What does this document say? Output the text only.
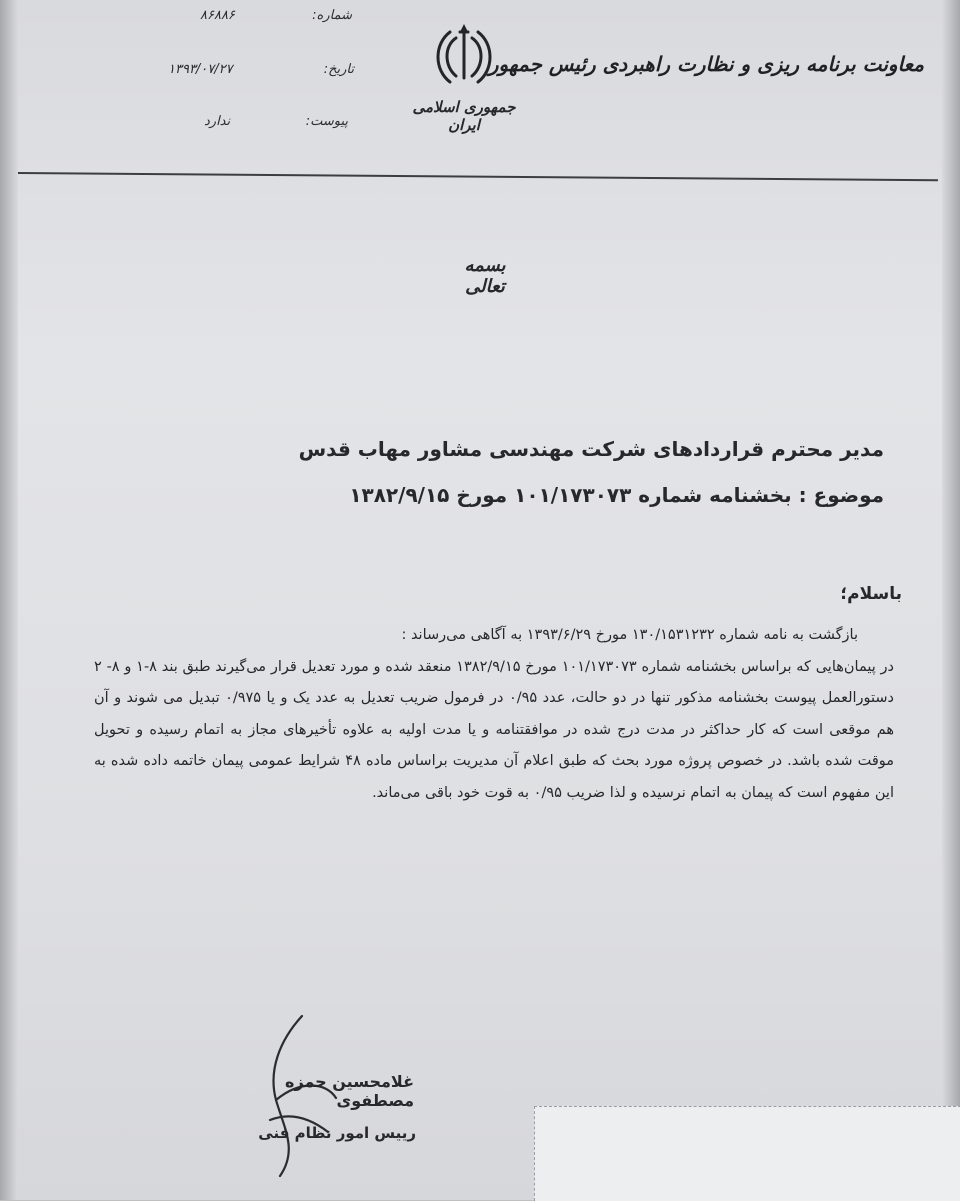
معاونت برنامه ریزی و نظارت راهبردی رئیس جمهور
جمهوری اسلامی ایران
شماره:
۸۶۸۸۶
تاریخ:
۱۳۹۳/۰۷/۲۷
پیوست:
ندارد
بسمه تعالی
مدیر محترم قراردادهای شرکت مهندسی مشاور مهاب قدس
موضوع : بخشنامه شماره ۱۰۱/۱۷۳۰۷۳ مورخ ۱۳۸۲/۹/۱۵
باسلام؛

بازگشت به نامه شماره ۱۳۰/۱۵۳۱۲۳۲ مورخ ۱۳۹۳/۶/۲۹ به آگاهی می‌رساند :

در پیمان‌هایی که براساس بخشنامه شماره ۱۰۱/۱۷۳۰۷۳ مورخ ۱۳۸۲/۹/۱۵ منعقد شده و مورد تعدیل قرار می‌گیرند طبق بند ۸-۱ و ۸- ۲ دستورالعمل پیوست بخشنامه مذکور تنها در دو حالت، عدد ۰/۹۵ در فرمول ضریب تعدیل به عدد یک و یا ۰/۹۷۵ تبدیل می شوند و آن هم موقعی است که کار حداکثر در مدت درج شده در موافقتنامه و یا مدت اولیه به علاوه تأخیرهای مجاز به اتمام رسیده و تحویل موقت شده باشد. در خصوص پروژه مورد بحث که طبق اعلام آن مدیریت براساس ماده ۴۸ شرایط عمومی پیمان خاتمه داده شده به این مفهوم است که پیمان به اتمام نرسیده و لذا ضریب ۰/۹۵ به قوت خود باقی می‌ماند.

غلامحسین حمزه مصطفوی
رییس امور نظام فنی
